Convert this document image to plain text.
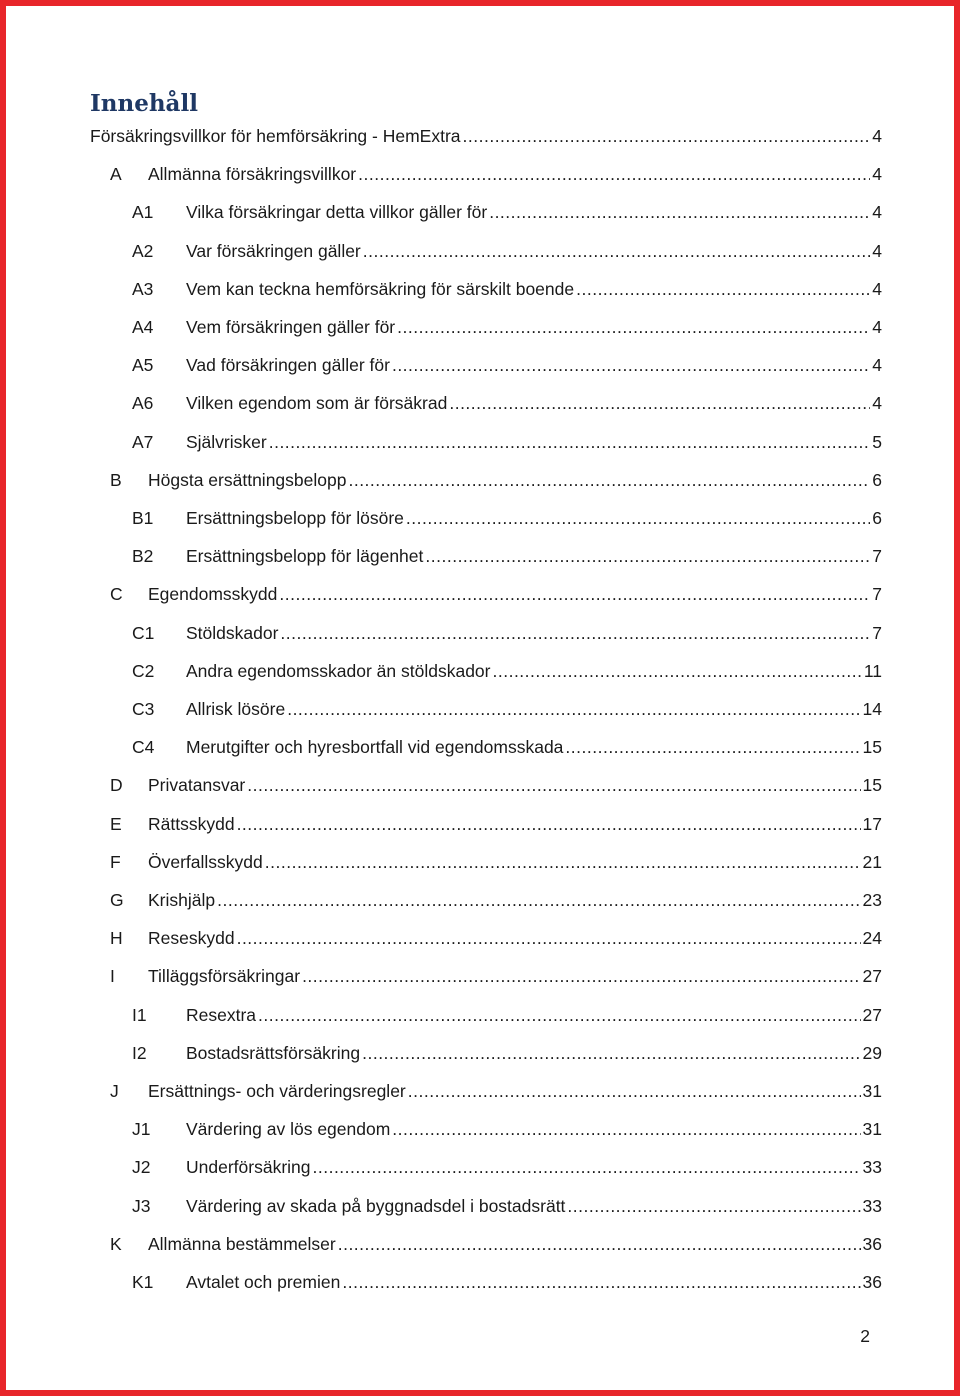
Innehåll
Försäkringsvillkor för hemförsäkring - HemExtra .....	4
A Allmänna försäkringsvillkor .....	4
A1 Vilka försäkringar detta villkor gäller för .....	4
A2 Var försäkringen gäller .....	4
A3 Vem kan teckna hemförsäkring för särskilt boende .....	4
A4 Vem försäkringen gäller för .....	4
A5 Vad försäkringen gäller för .....	4
A6 Vilken egendom som är försäkrad .....	4
A7 Självrisker .....	5
B Högsta ersättningsbelopp .....	6
B1 Ersättningsbelopp för lösöre .....	6
B2 Ersättningsbelopp för lägenhet .....	7
C Egendomsskydd .....	7
C1 Stöldskador .....	7
C2 Andra egendomsskador än stöldskador .....	11
C3 Allrisk lösöre .....	14
C4 Merutgifter och hyresbortfall vid egendomsskada .....	15
D Privatansvar .....	15
E Rättsskydd .....	17
F Överfallsskydd .....	21
G Krishjälp .....	23
H Reseskydd .....	24
I Tilläggsförsäkringar .....	27
I1 Resextra .....	27
I2 Bostadsrättsförsäkring .....	29
J Ersättnings- och värderingsregler .....	31
J1 Värdering av lös egendom .....	31
J2 Underförsäkring .....	33
J3 Värdering av skada på byggnadsdel i bostadsrätt .....	33
K Allmänna bestämmelser .....	36
K1 Avtalet och premien .....	36
2
